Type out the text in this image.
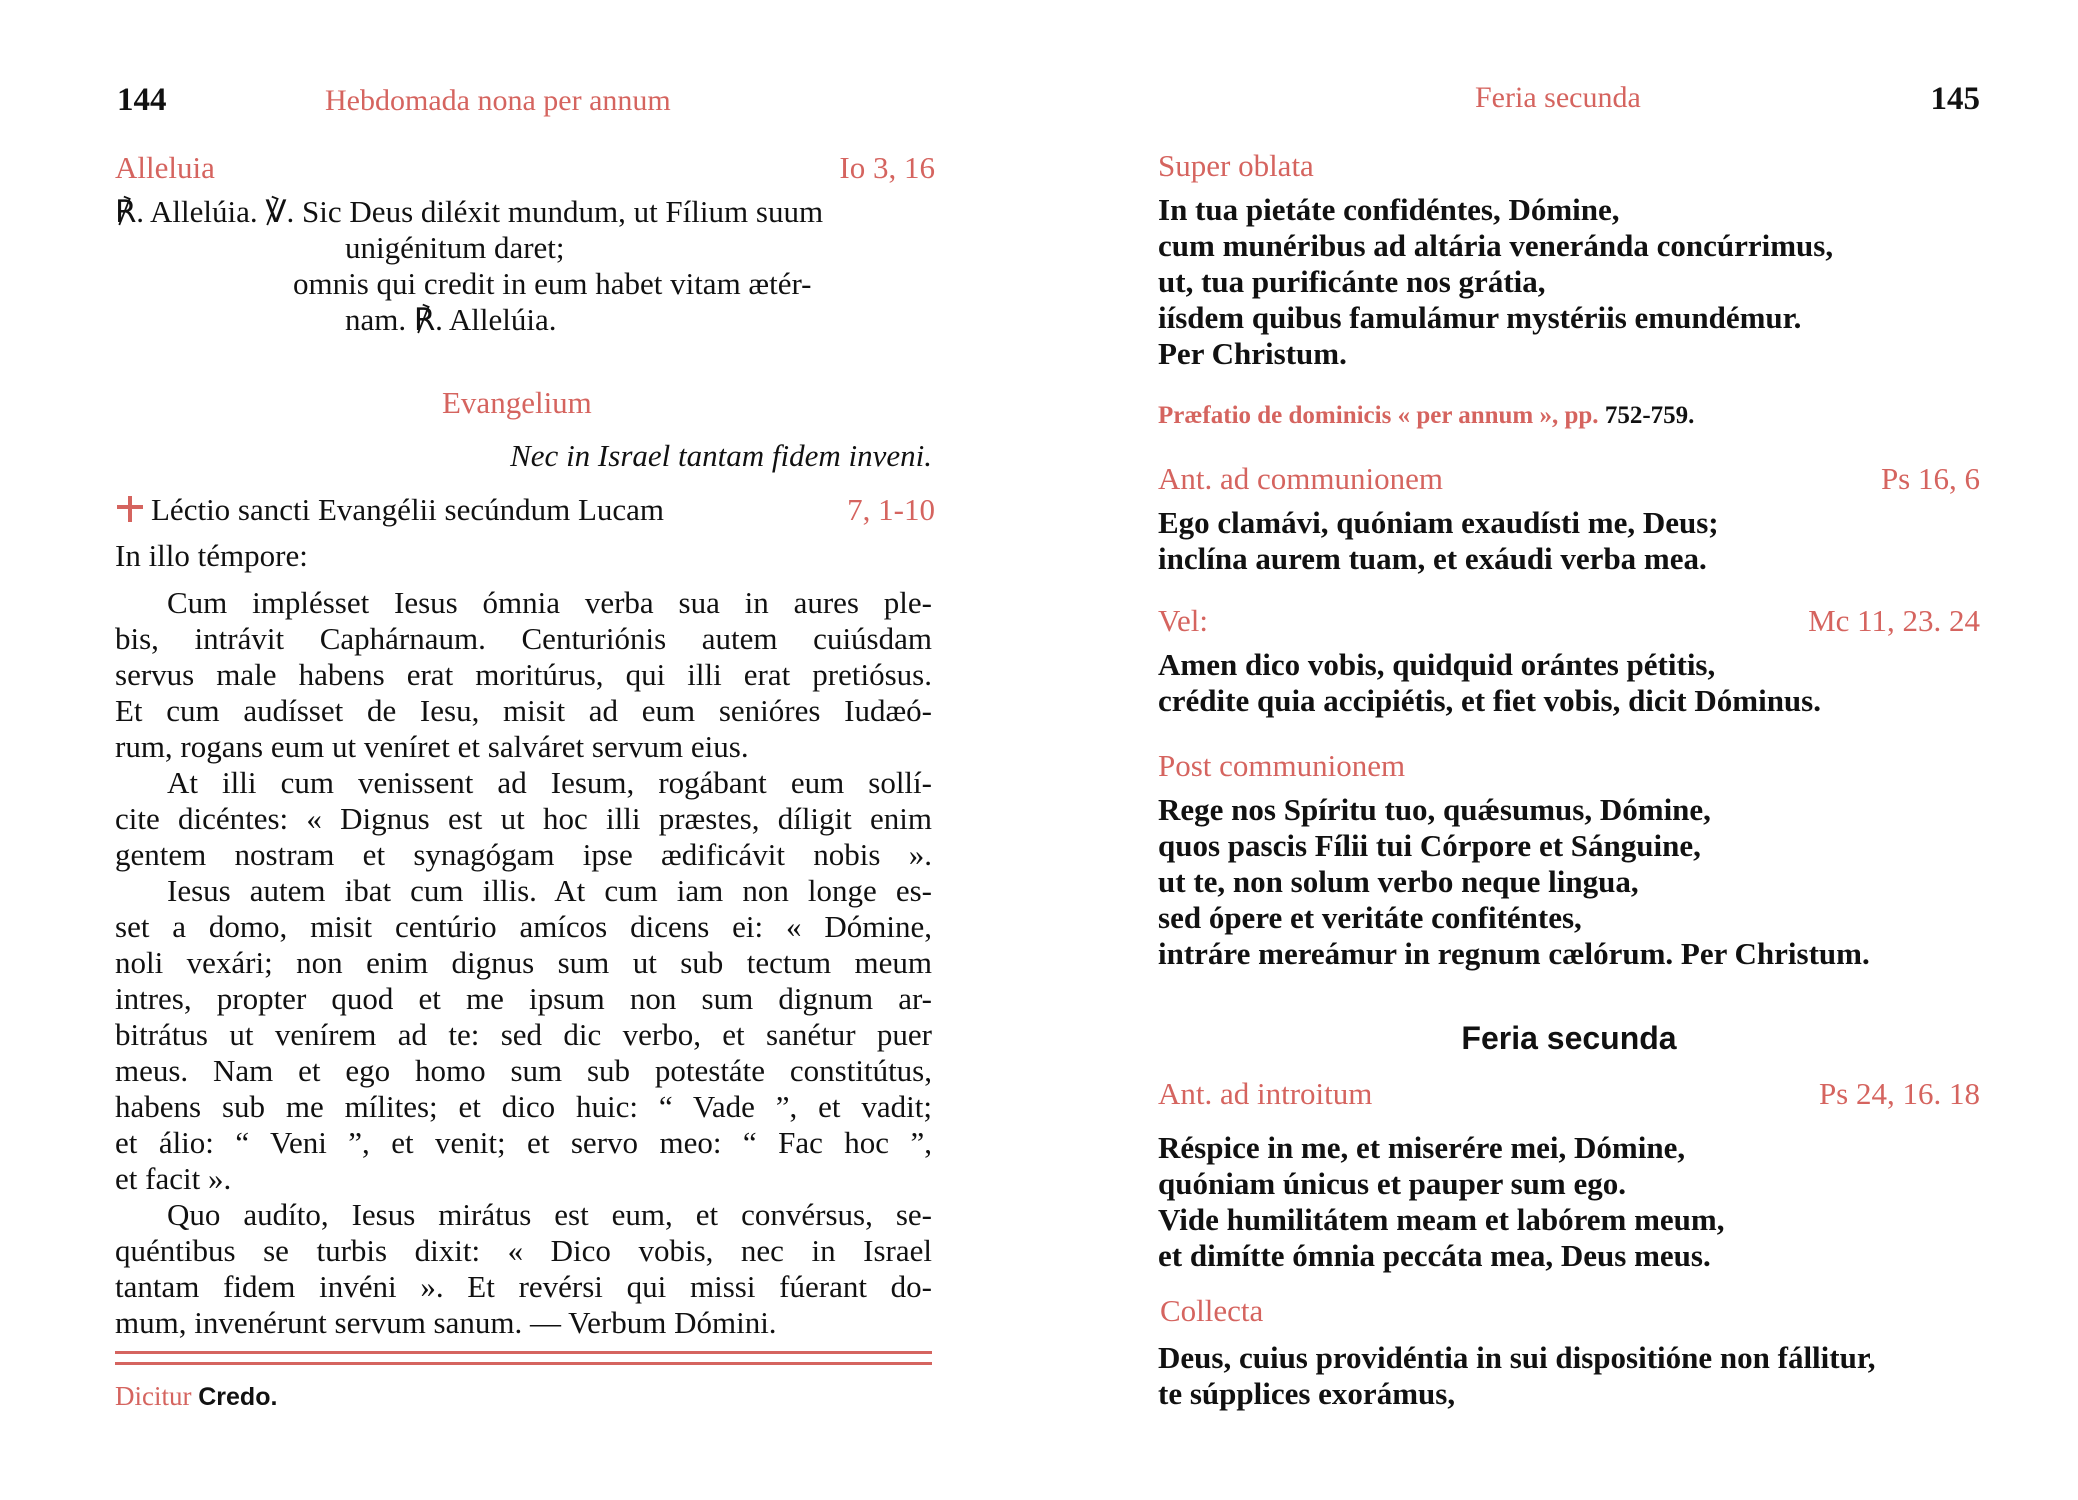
144	Hebdomada nona per annum
Alleluia	Io 3, 16
℟. Allelúia. ℣. Sic Deus diléxit mundum, ut Fílium suum
unigénitum daret;
omnis qui credit in eum habet vitam ætér-
nam. ℟. Allelúia.
Evangelium
Nec in Israel tantam fidem inveni.
Léctio sancti Evangélii secúndum Lucam	7, 1-10
In illo témpore:
Cum implésset Iesus ómnia verba sua in aures ple-
bis, intrávit Caphárnaum. Centuriónis autem cuiúsdam
servus male habens erat moritúrus, qui illi erat pretiósus.
Et cum audísset de Iesu, misit ad eum senióres Iudæó-
rum, rogans eum ut veníret et salváret servum eius.
At illi cum venissent ad Iesum, rogábant eum sollí-
cite dicéntes: « Dignus est ut hoc illi præstes, díligit enim
gentem nostram et synagógam ipse ædificávit nobis ».
Iesus autem ibat cum illis. At cum iam non longe es-
set a domo, misit centúrio amícos dicens ei: « Dómine,
noli vexári; non enim dignus sum ut sub tectum meum
intres, propter quod et me ipsum non sum dignum ar-
bitrátus ut venírem ad te: sed dic verbo, et sanétur puer
meus. Nam et ego homo sum sub potestáte constitútus,
habens sub me mílites; et dico huic: “ Vade ”, et vadit;
et álio: “ Veni ”, et venit; et servo meo: “ Fac hoc ”,
et facit ».
Quo audíto, Iesus mirátus est eum, et convérsus, se-
quéntibus se turbis dixit: « Dico vobis, nec in Israel
tantam fidem invéni ». Et revérsi qui missi fúerant do-
mum, invenérunt servum sanum. — Verbum Dómini.
Dicitur Credo.
Feria secunda	145
Super oblata
In tua pietáte confidéntes, Dómine,
cum munéribus ad altária veneránda concúrrimus,
ut, tua purificánte nos grátia,
iísdem quibus famulámur mystériis emundémur.
Per Christum.
Præfatio de dominicis « per annum », pp. 752-759.
Ant. ad communionem	Ps 16, 6
Ego clamávi, quóniam exaudísti me, Deus;
inclína aurem tuam, et exáudi verba mea.
Vel:	Mc 11, 23. 24
Amen dico vobis, quidquid orántes pétitis,
crédite quia accipiétis, et fiet vobis, dicit Dóminus.
Post communionem
Rege nos Spíritu tuo, quǽsumus, Dómine,
quos pascis Fílii tui Córpore et Sánguine,
ut te, non solum verbo neque lingua,
sed ópere et veritáte confiténtes,
intráre mereámur in regnum cælórum. Per Christum.
Feria secunda
Ant. ad introitum	Ps 24, 16. 18
Réspice in me, et miserére mei, Dómine,
quóniam únicus et pauper sum ego.
Vide humilitátem meam et labórem meum,
et dimítte ómnia peccáta mea, Deus meus.
Collecta
Deus, cuius providéntia in sui dispositióne non fállitur,
te súpplices exorámus,
